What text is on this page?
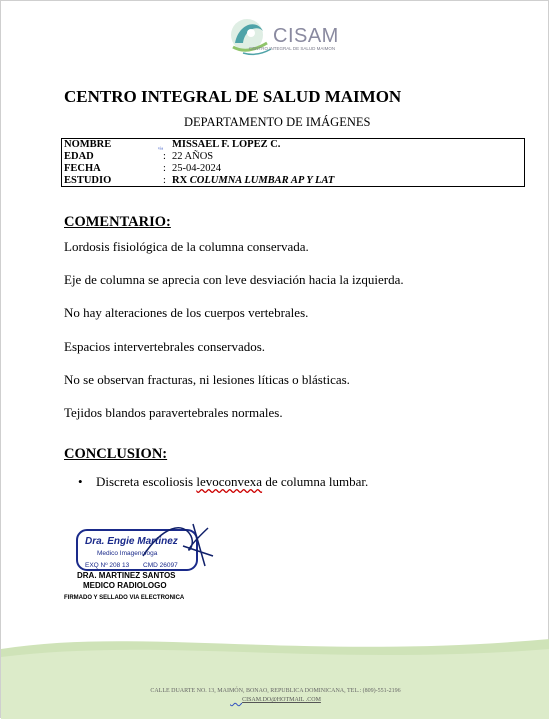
CISAM
CENTRO INTEGRAL DE SALUD MAIMON
CENTRO INTEGRAL DE SALUD MAIMON
DEPARTAMENTO DE IMÁGENES
NOMBRE	ᵥᵢₐ MISSAEL F. LOPEZ C.
EDAD	: 22 AÑOS
FECHA	: 25-04-2024
ESTUDIO	: RX COLUMNA LUMBAR AP Y LAT
COMENTARIO:
Lordosis fisiológica de la columna conservada.
Eje de columna se aprecia con leve desviación hacia la izquierda.
No hay alteraciones de los cuerpos vertebrales.
Espacios intervertebrales conservados.
No se observan fracturas, ni lesiones líticas o blásticas.
Tejidos blandos paravertebrales normales.
CONCLUSION:
Discreta escoliosis levoconvexa de columna lumbar.
Dra. Engie Martinez
Medico Imagenologa
EXQ Nº 208 13 CMD 26097
DRA. MARTINEZ SANTOS
MEDICO RADIOLOGO
FIRMADO Y SELLADO VIA ELECTRONICA
CALLE DUARTE NO. 13, MAIMÓN, BONAO, REPUBLICA DOMINICANA, TEL.: (809)-551-2196
CISAM.DO@HOTMAIL .COM
